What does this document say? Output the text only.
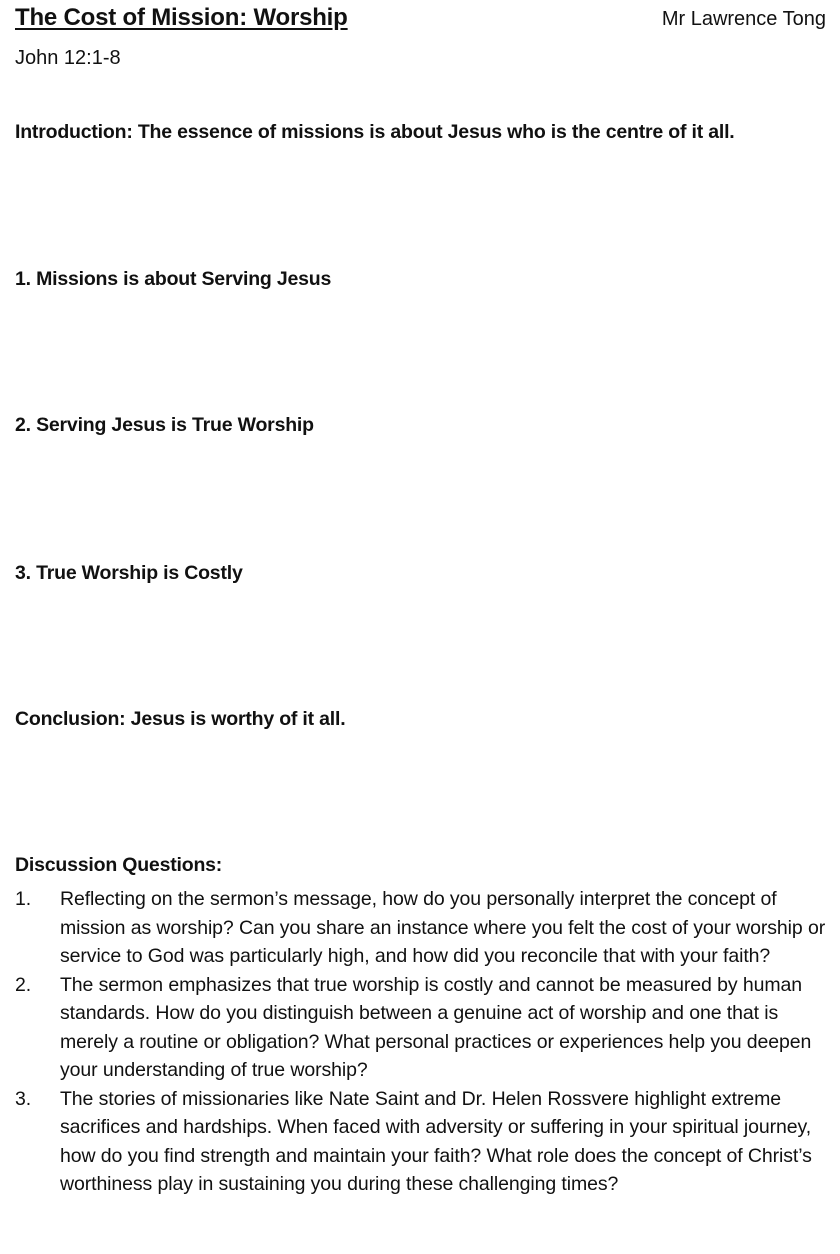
The Cost of Mission: Worship	Mr Lawrence Tong
John 12:1-8
Introduction: The essence of missions is about Jesus who is the centre of it all.
1. Missions is about Serving Jesus
2. Serving Jesus is True Worship
3. True Worship is Costly
Conclusion: Jesus is worthy of it all.
Discussion Questions:
1. Reflecting on the sermon’s message, how do you personally interpret the concept of mission as worship? Can you share an instance where you felt the cost of your worship or service to God was particularly high, and how did you reconcile that with your faith?
2. The sermon emphasizes that true worship is costly and cannot be measured by human standards. How do you distinguish between a genuine act of worship and one that is merely a routine or obligation? What personal practices or experiences help you deepen your understanding of true worship?
3. The stories of missionaries like Nate Saint and Dr. Helen Rossvere highlight extreme sacrifices and hardships. When faced with adversity or suffering in your spiritual journey, how do you find strength and maintain your faith? What role does the concept of Christ’s worthiness play in sustaining you during these challenging times?
